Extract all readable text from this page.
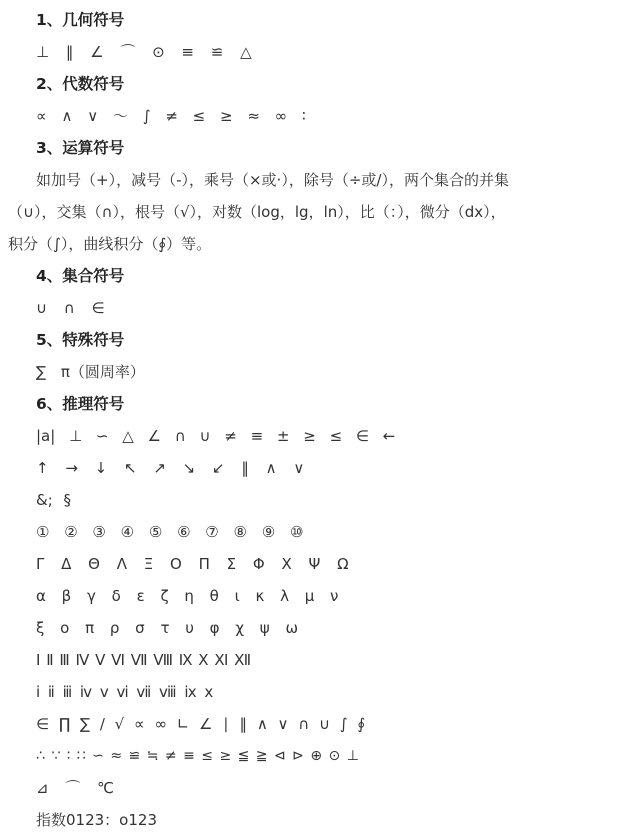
1、几何符号
⊥ ‖ ∠ ⌒ ⊙ ≡ ≌ △
2、代数符号
∝ ∧ ∨ ～ ∫ ≠ ≤ ≥ ≈ ∞ ∶
3、运算符号
如加号（+），减号（-），乘号（×或·），除号（÷或/），两个集合的并集
（∪），交集（∩），根号（√），对数（log，lg，ln），比（：），微分（dx），
积分（∫），曲线积分（∮）等。
4、集合符号
∪ ∩ ∈
5、特殊符号
∑ π（圆周率）
6、推理符号
|a| ⊥ ∽ △ ∠ ∩ ∪ ≠ ≡ ± ≥ ≤ ∈ ←
↑ → ↓ ↖ ↗ ↘ ↙ ‖ ∧ ∨
&; §
① ② ③ ④ ⑤ ⑥ ⑦ ⑧ ⑨ ⑩
Γ Δ Θ Λ Ξ Ο Π Σ Φ Χ Ψ Ω
α β γ δ ε ζ η θ ι κ λ μ ν
ξ ο π ρ σ τ υ φ χ ψ ω
Ⅰ Ⅱ Ⅲ Ⅳ Ⅴ Ⅵ Ⅶ Ⅷ Ⅸ Ⅹ Ⅺ Ⅻ
ⅰ ⅱ ⅲ ⅳ ⅴ ⅵ ⅶ ⅷ ⅸ ⅹ
∈ ∏ ∑ ∕ √ ∝ ∞ ∟ ∠ ∣ ‖ ∧ ∨ ∩ ∪ ∫ ∮
∴ ∵ ∶ ∷ ∽ ≈ ≌ ≒ ≠ ≡ ≤ ≥ ≦ ≧ ⊲ ⊳ ⊕ ⊙ ⊥
⊿ ⌒ ℃
指数0123：o123
